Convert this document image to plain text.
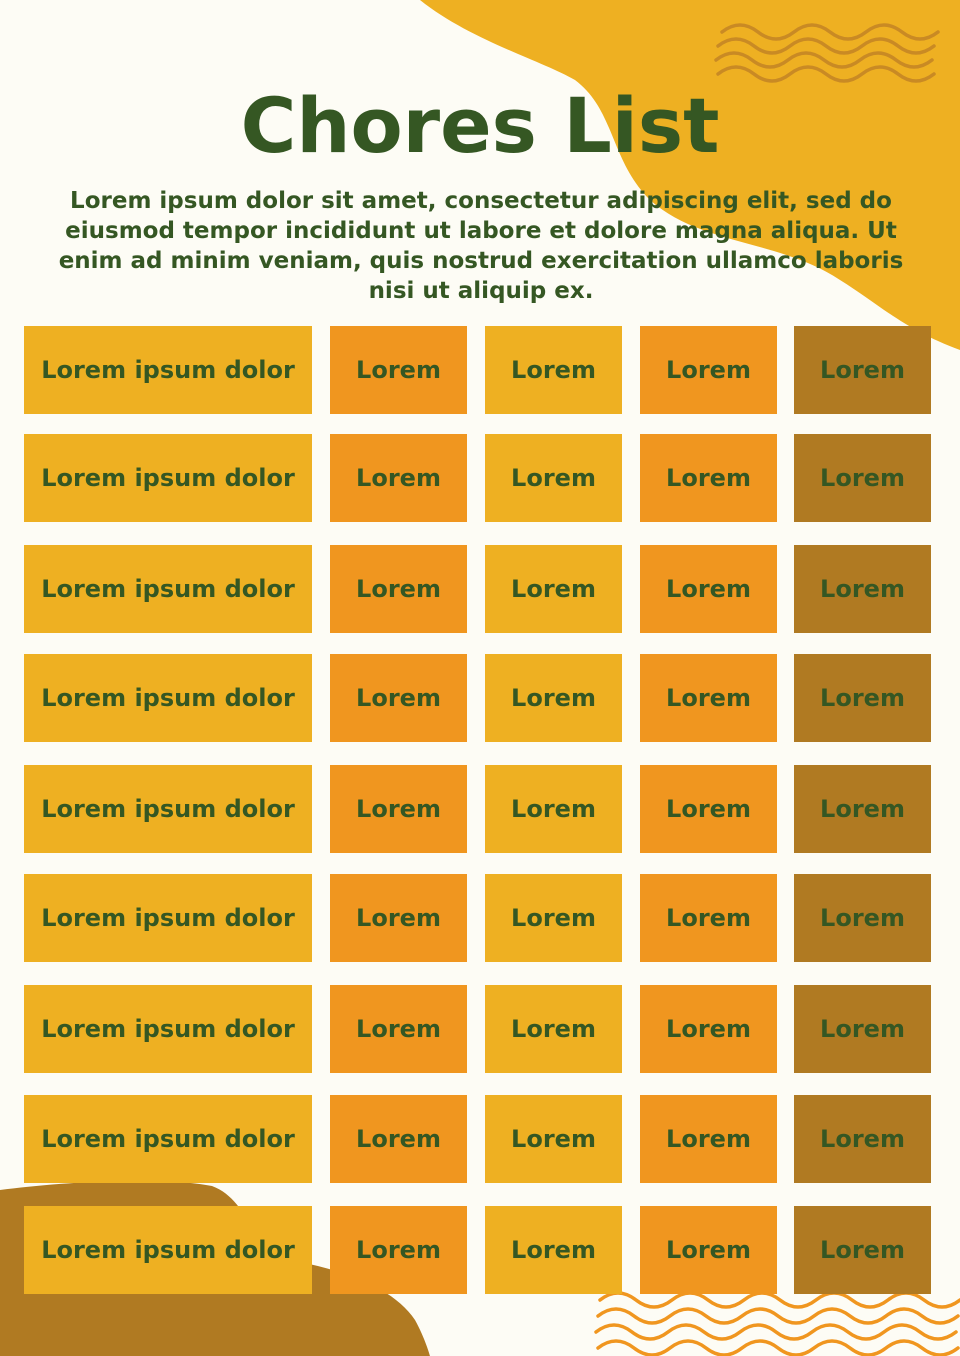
Chores List

Lorem ipsum dolor sit amet, consectetur adipiscing elit, sed do eiusmod tempor incididunt ut labore et dolore magna aliqua. Ut enim ad minim veniam, quis nostrud exercitation ullamco laboris nisi ut aliquip ex.

Lorem ipsum dolor	Lorem	Lorem	Lorem	Lorem
Lorem ipsum dolor	Lorem	Lorem	Lorem	Lorem
Lorem ipsum dolor	Lorem	Lorem	Lorem	Lorem
Lorem ipsum dolor	Lorem	Lorem	Lorem	Lorem
Lorem ipsum dolor	Lorem	Lorem	Lorem	Lorem
Lorem ipsum dolor	Lorem	Lorem	Lorem	Lorem
Lorem ipsum dolor	Lorem	Lorem	Lorem	Lorem
Lorem ipsum dolor	Lorem	Lorem	Lorem	Lorem
Lorem ipsum dolor	Lorem	Lorem	Lorem	Lorem
